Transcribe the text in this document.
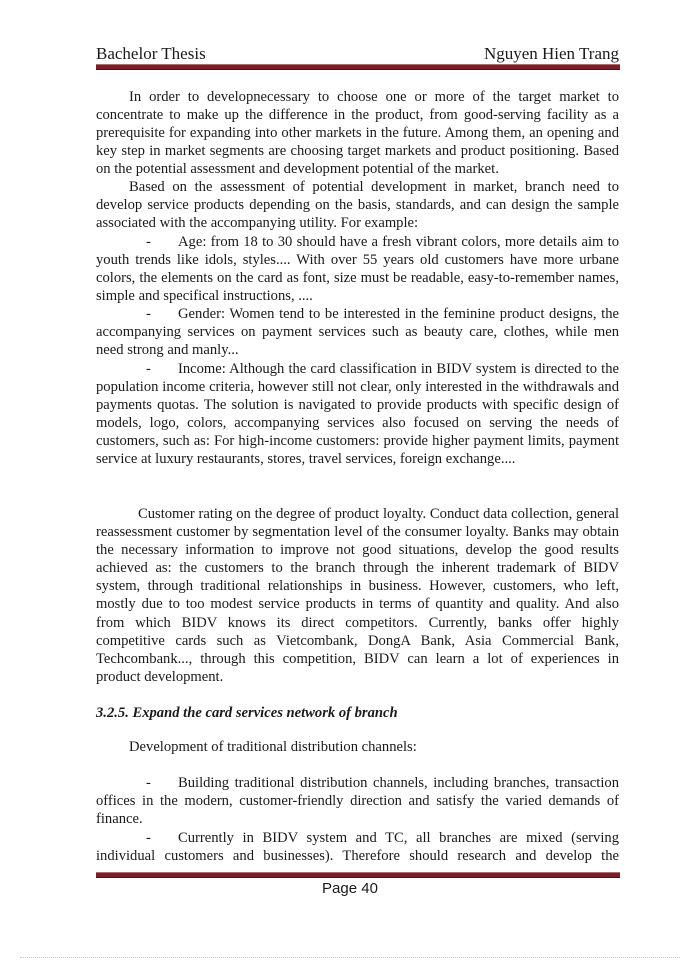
Bachelor Thesis	Nguyen Hien Trang
In order to developnecessary to choose one or more of the target market to concentrate to make up the difference in the product, from good-serving facility as a prerequisite for expanding into other markets in the future. Among them, an opening and key step in market segments are choosing target markets and product positioning. Based on the potential assessment and development potential of the market.
Based on the assessment of potential development in market, branch need to develop service products depending on the basis, standards, and can design the sample associated with the accompanying utility. For example:
- Age: from 18 to 30 should have a fresh vibrant colors, more details aim to youth trends like idols, styles.... With over 55 years old customers have more urbane colors, the elements on the card as font, size must be readable, easy-to-remember names, simple and specifical instructions, ....
- Gender: Women tend to be interested in the feminine product designs, the accompanying services on payment services such as beauty care, clothes, while men need strong and manly...
- Income: Although the card classification in BIDV system is directed to the population income criteria, however still not clear, only interested in the withdrawals and payments quotas. The solution is navigated to provide products with specific design of models, logo, colors, accompanying services also focused on serving the needs of customers, such as: For high-income customers: provide higher payment limits, payment service at luxury restaurants, stores, travel services, foreign exchange....
Customer rating on the degree of product loyalty. Conduct data collection, general reassessment customer by segmentation level of the consumer loyalty. Banks may obtain the necessary information to improve not good situations, develop the good results achieved as: the customers to the branch through the inherent trademark of BIDV system, through traditional relationships in business. However, customers, who left, mostly due to too modest service products in terms of quantity and quality. And also from which BIDV knows its direct competitors. Currently, banks offer highly competitive cards such as Vietcombank, DongA Bank, Asia Commercial Bank, Techcombank..., through this competition, BIDV can learn a lot of experiences in product development.
3.2.5. Expand the card services network of branch
Development of traditional distribution channels:
- Building traditional distribution channels, including branches, transaction offices in the modern, customer-friendly direction and satisfy the varied demands of finance.
- Currently in BIDV system and TC, all branches are mixed (serving individual customers and businesses). Therefore should research and develop the
Page 40
